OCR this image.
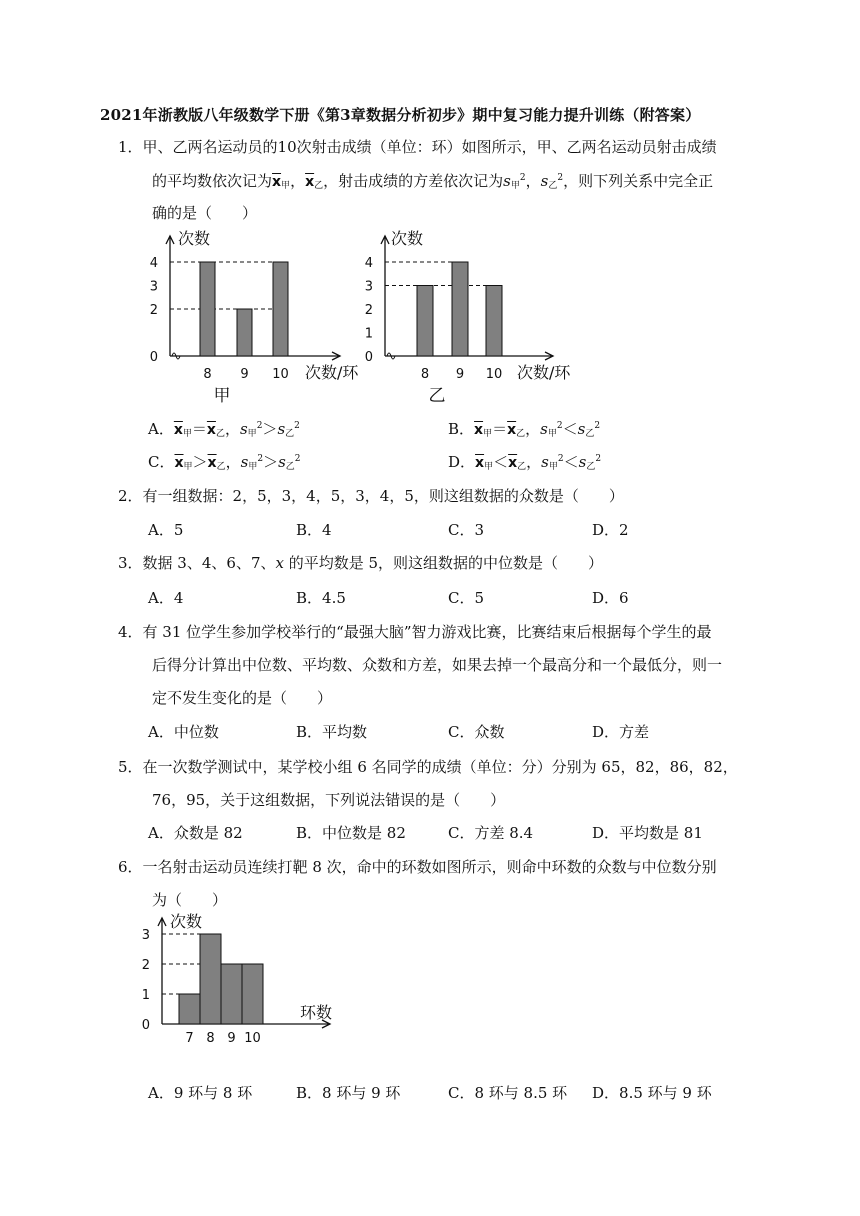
2021年浙教版八年级数学下册《第3章数据分析初步》期中复习能力提升训练（附答案）
1．甲、乙两名运动员的10次射击成绩（单位：环）如图所示，甲、乙两名运动员射击成绩
的平均数依次记为$\overline{x}_甲$，$\overline{x}_乙$，射击成绩的方差依次记为$s_甲^2$，$s_乙^2$，则下列关系中完全正
确的是（　　）
0
2
3
4
8 9 10
次数
次数/环
甲
0
1
2
3
4
8 9 10
次数
次数/环
乙
A．$\overline{x}_甲=\overline{x}_乙$，$s_甲^2>s_乙^2$	B．$\overline{x}_甲=\overline{x}_乙$，$s_甲^2<s_乙^2$
C．$\overline{x}_甲>\overline{x}_乙$，$s_甲^2>s_乙^2$	D．$\overline{x}_甲<\overline{x}_乙$，$s_甲^2<s_乙^2$
2．有一组数据：2，5，3，4，5，3，4，5，则这组数据的众数是（　　）
A．5	B．4	C．3	D．2
3．数据 3、4、6、7、x 的平均数是 5，则这组数据的中位数是（　　）
A．4	B．4.5	C．5	D．6
4．有 31 位学生参加学校举行的“最强大脑”智力游戏比赛，比赛结束后根据每个学生的最
后得分计算出中位数、平均数、众数和方差，如果去掉一个最高分和一个最低分，则一
定不发生变化的是（　　）
A．中位数	B．平均数	C．众数	D．方差
5．在一次数学测试中，某学校小组 6 名同学的成绩（单位：分）分别为 65，82，86，82，
76，95，关于这组数据，下列说法错误的是（　　）
A．众数是 82	B．中位数是 82	C．方差 8.4	D．平均数是 81
6．一名射击运动员连续打靶 8 次，命中的环数如图所示，则命中环数的众数与中位数分别
为（　　）
0
1
2
3
7 8 9 10
次数
环数
A．9 环与 8 环	B．8 环与 9 环	C．8 环与 8.5 环 D．8.5 环与 9 环
